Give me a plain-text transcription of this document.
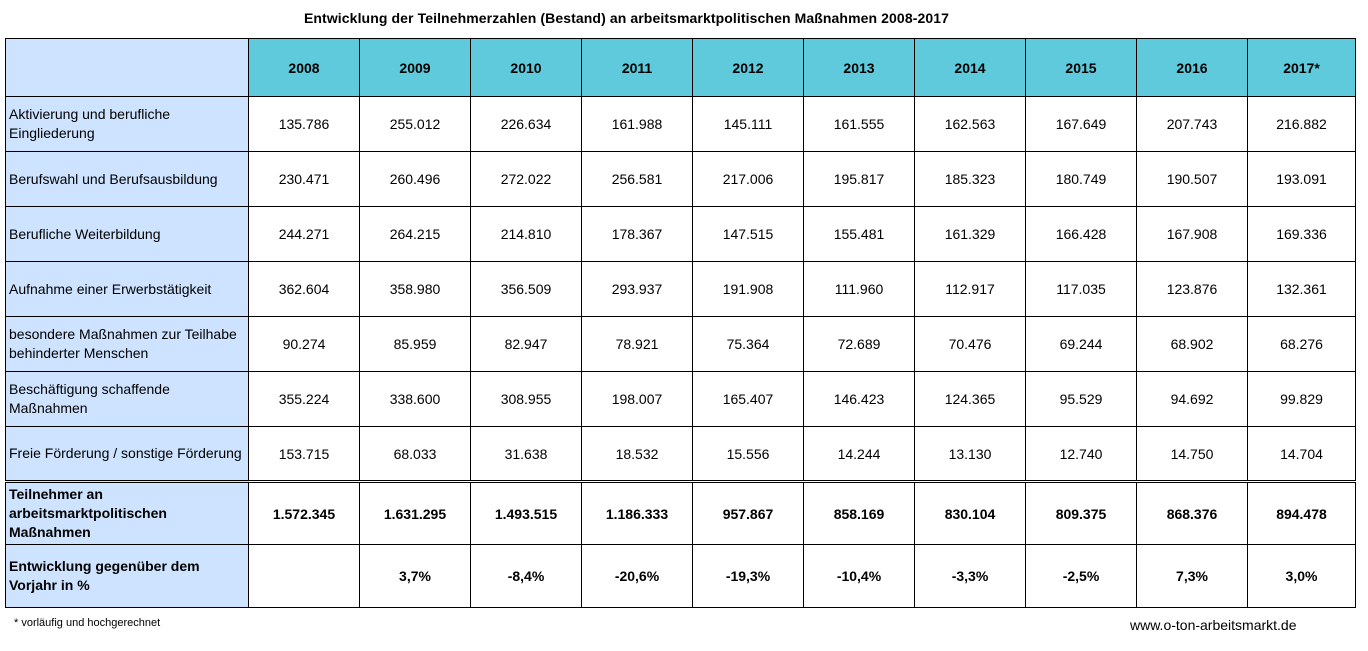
Entwicklung der Teilnehmerzahlen (Bestand) an arbeitsmarktpolitischen Maßnahmen 2008-2017
	2008	2009	2010	2011	2012	2013	2014	2015	2016	2017*
Aktivierung und berufliche Eingliederung	135.786	255.012	226.634	161.988	145.111	161.555	162.563	167.649	207.743	216.882
Berufswahl und Berufsausbildung	230.471	260.496	272.022	256.581	217.006	195.817	185.323	180.749	190.507	193.091
Berufliche Weiterbildung	244.271	264.215	214.810	178.367	147.515	155.481	161.329	166.428	167.908	169.336
Aufnahme einer Erwerbstätigkeit	362.604	358.980	356.509	293.937	191.908	111.960	112.917	117.035	123.876	132.361
besondere Maßnahmen zur Teilhabe behinderter Menschen	90.274	85.959	82.947	78.921	75.364	72.689	70.476	69.244	68.902	68.276
Beschäftigung schaffende Maßnahmen	355.224	338.600	308.955	198.007	165.407	146.423	124.365	95.529	94.692	99.829
Freie Förderung / sonstige Förderung	153.715	68.033	31.638	18.532	15.556	14.244	13.130	12.740	14.750	14.704
Teilnehmer an arbeitsmarktpolitischen Maßnahmen	1.572.345	1.631.295	1.493.515	1.186.333	957.867	858.169	830.104	809.375	868.376	894.478
Entwicklung gegenüber dem Vorjahr in %		3,7%	-8,4%	-20,6%	-19,3%	-10,4%	-3,3%	-2,5%	7,3%	3,0%
* vorläufig und hochgerechnet	www.o-ton-arbeitsmarkt.de
